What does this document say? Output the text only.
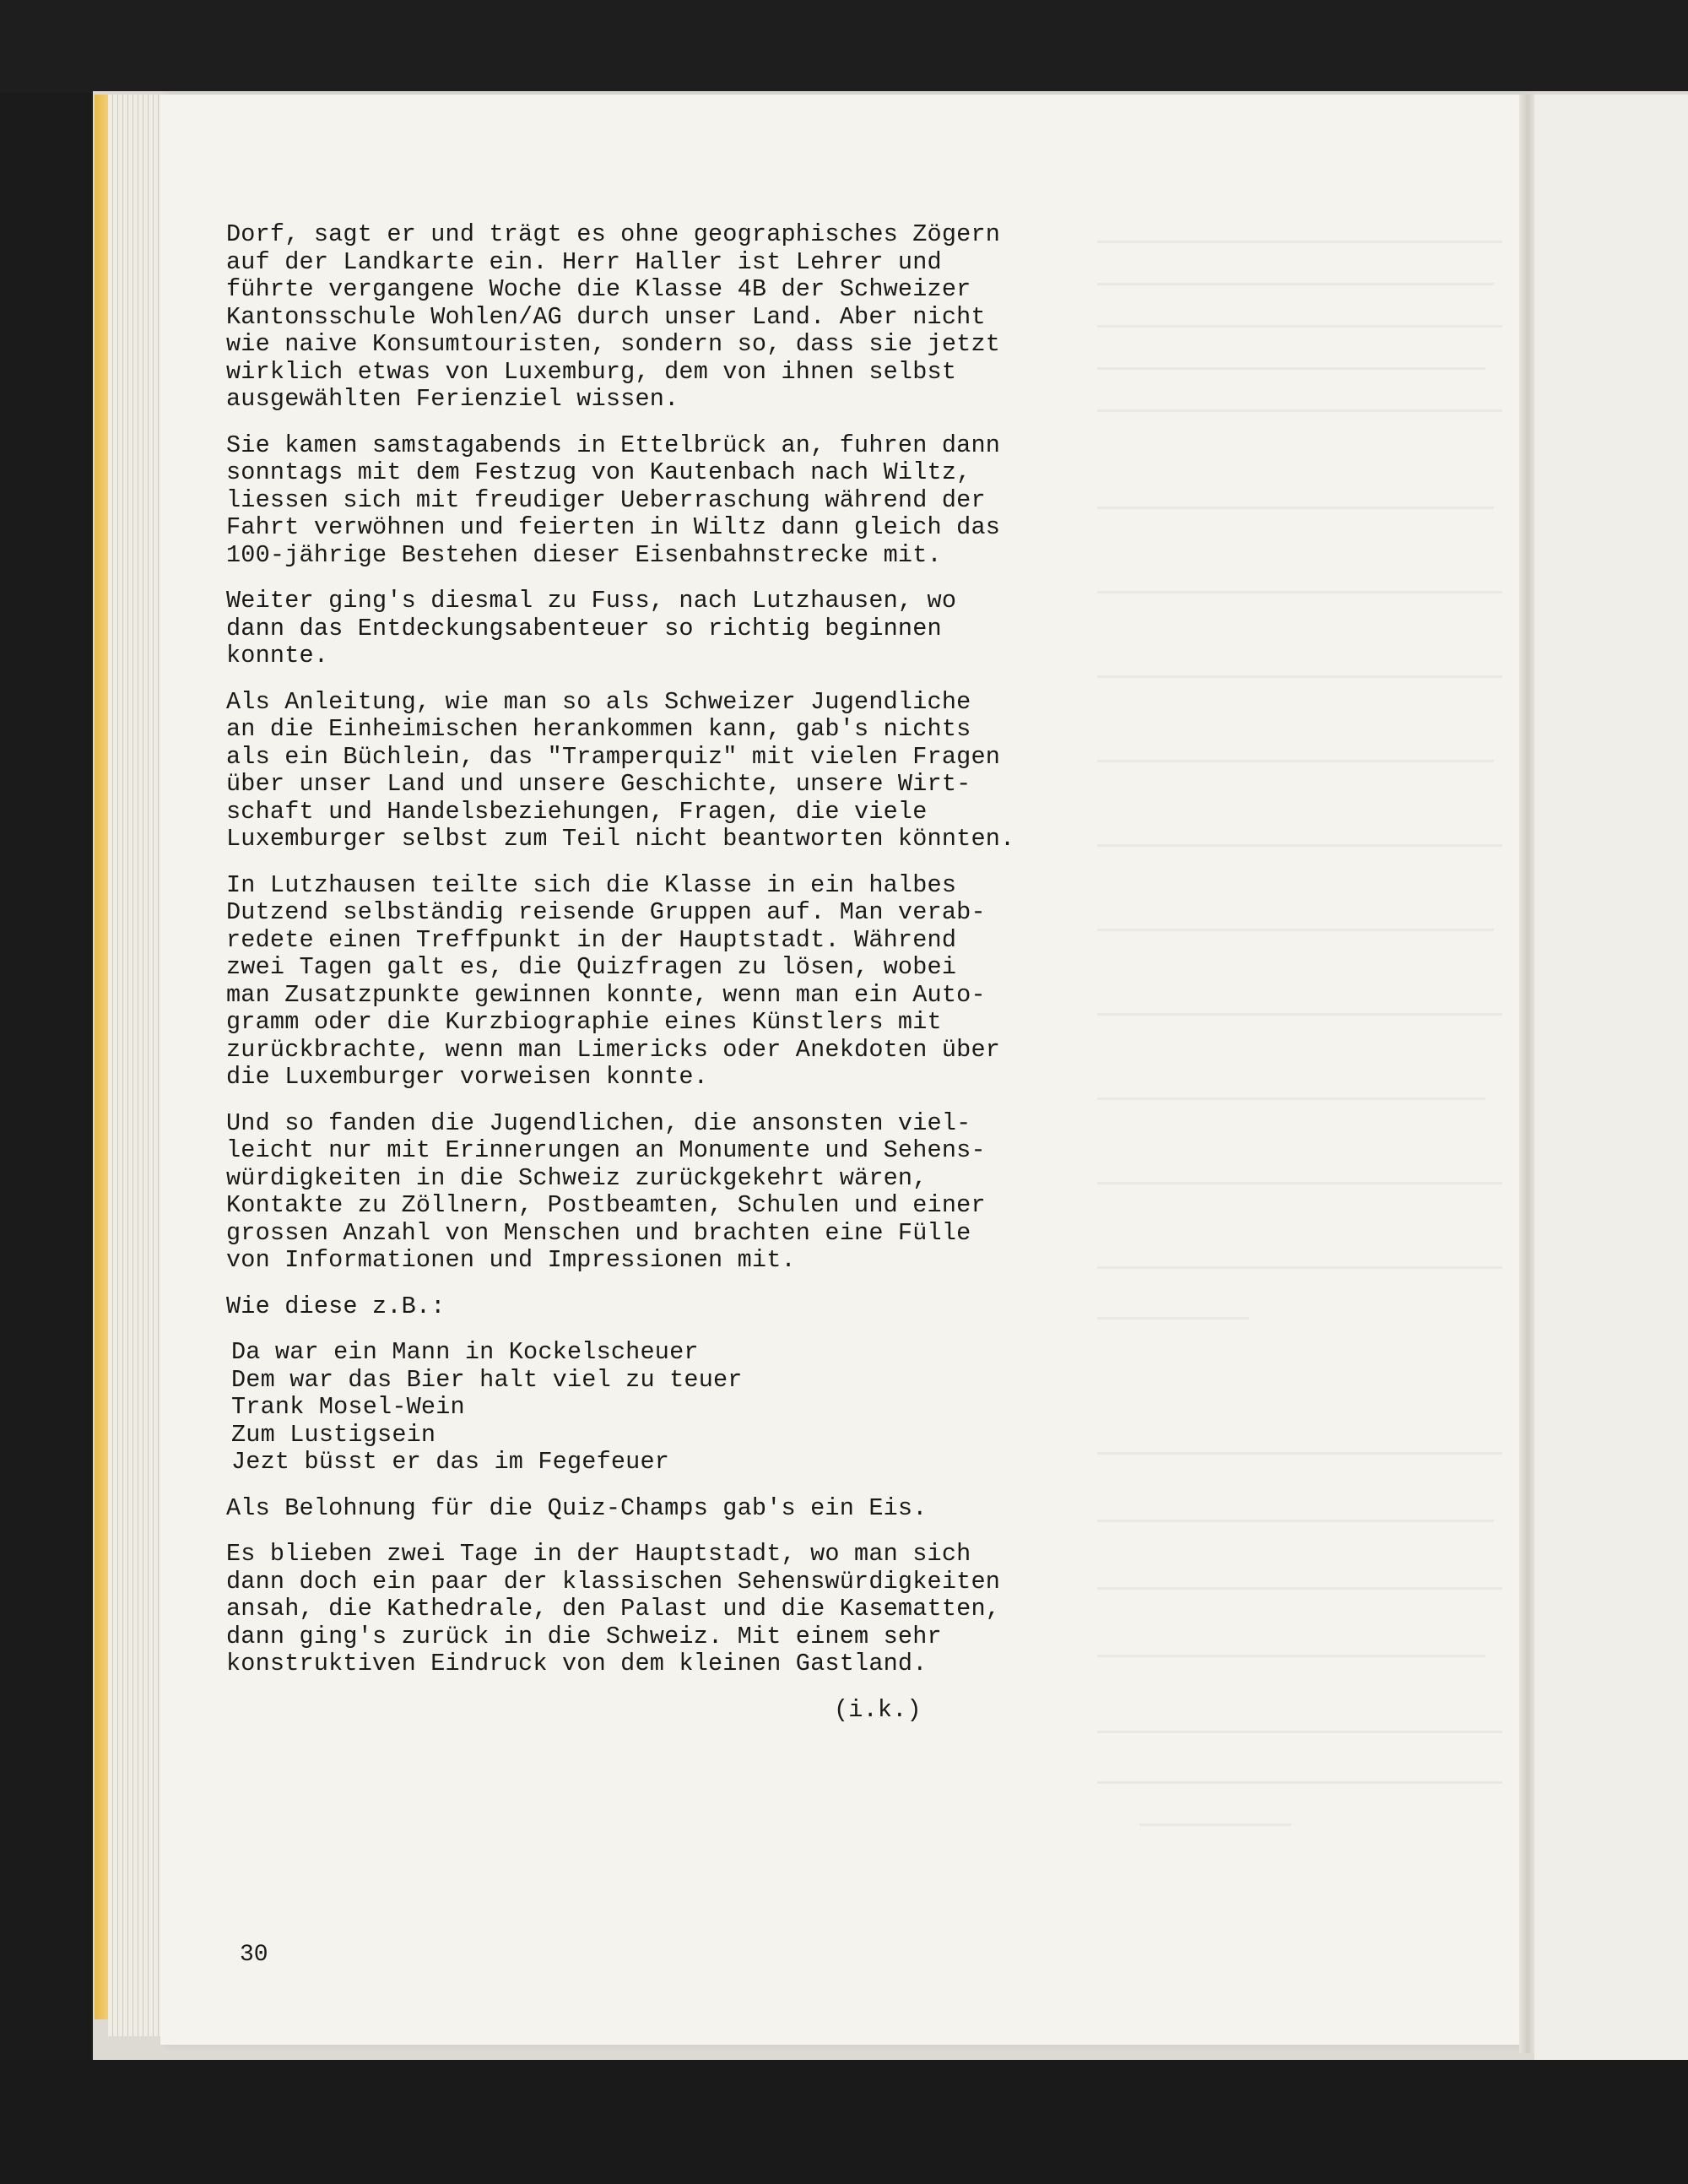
Dorf, sagt er und trägt es ohne geographisches Zögern
auf der Landkarte ein. Herr Haller ist Lehrer und
führte vergangene Woche die Klasse 4B der Schweizer
Kantonsschule Wohlen/AG durch unser Land. Aber nicht
wie naive Konsumtouristen, sondern so, dass sie jetzt
wirklich etwas von Luxemburg, dem von ihnen selbst
ausgewählten Ferienziel wissen.

Sie kamen samstagabends in Ettelbrück an, fuhren dann
sonntags mit dem Festzug von Kautenbach nach Wiltz,
liessen sich mit freudiger Ueberraschung während der
Fahrt verwöhnen und feierten in Wiltz dann gleich das
100-jährige Bestehen dieser Eisenbahnstrecke mit.

Weiter ging's diesmal zu Fuss, nach Lutzhausen, wo
dann das Entdeckungsabenteuer so richtig beginnen
konnte.

Als Anleitung, wie man so als Schweizer Jugendliche
an die Einheimischen herankommen kann, gab's nichts
als ein Büchlein, das "Tramperquiz" mit vielen Fragen
über unser Land und unsere Geschichte, unsere Wirt-
schaft und Handelsbeziehungen, Fragen, die viele
Luxemburger selbst zum Teil nicht beantworten könnten.

In Lutzhausen teilte sich die Klasse in ein halbes
Dutzend selbständig reisende Gruppen auf. Man verab-
redete einen Treffpunkt in der Hauptstadt. Während
zwei Tagen galt es, die Quizfragen zu lösen, wobei
man Zusatzpunkte gewinnen konnte, wenn man ein Auto-
gramm oder die Kurzbiographie eines Künstlers mit
zurückbrachte, wenn man Limericks oder Anekdoten über
die Luxemburger vorweisen konnte.

Und so fanden die Jugendlichen, die ansonsten viel-
leicht nur mit Erinnerungen an Monumente und Sehens-
würdigkeiten in die Schweiz zurückgekehrt wären,
Kontakte zu Zöllnern, Postbeamten, Schulen und einer
grossen Anzahl von Menschen und brachten eine Fülle
von Informationen und Impressionen mit.

Wie diese z.B.:

Da war ein Mann in Kockelscheuer
Dem war das Bier halt viel zu teuer
Trank Mosel-Wein
Zum Lustigsein
Jezt büsst er das im Fegefeuer

Als Belohnung für die Quiz-Champs gab's ein Eis.

Es blieben zwei Tage in der Hauptstadt, wo man sich
dann doch ein paar der klassischen Sehenswürdigkeiten
ansah, die Kathedrale, den Palast und die Kasematten,
dann ging's zurück in die Schweiz. Mit einem sehr
konstruktiven Eindruck von dem kleinen Gastland.

(i.k.)

30
